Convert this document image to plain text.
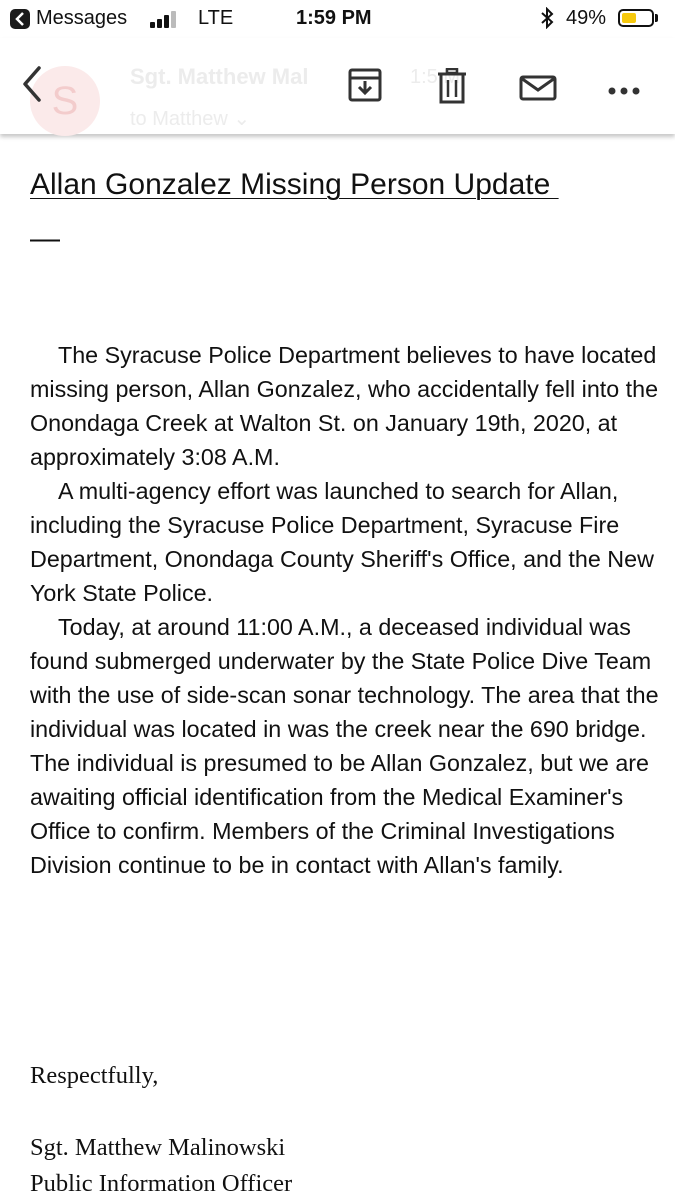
Messages	LTE	1:59 PM	49%
S
Sgt. Matthew Mal	1:5 M
to Matthew ⌄
Allan Gonzalez Missing Person Update
—

The Syracuse Police Department believes to have located missing person, Allan Gonzalez, who accidentally fell into the Onondaga Creek at Walton St. on January 19th, 2020, at approximately 3:08 A.M.

A multi-agency effort was launched to search for Allan, including the Syracuse Police Department, Syracuse Fire Department, Onondaga County Sheriff's Office, and the New York State Police.

Today, at around 11:00 A.M., a deceased individual was found submerged underwater by the State Police Dive Team with the use of side-scan sonar technology. The area that the individual was located in was the creek near the 690 bridge. The individual is presumed to be Allan Gonzalez, but we are awaiting official identification from the Medical Examiner's Office to confirm. Members of the Criminal Investigations Division continue to be in contact with Allan's family.

Respectfully,
Sgt. Matthew Malinowski
Public Information Officer
